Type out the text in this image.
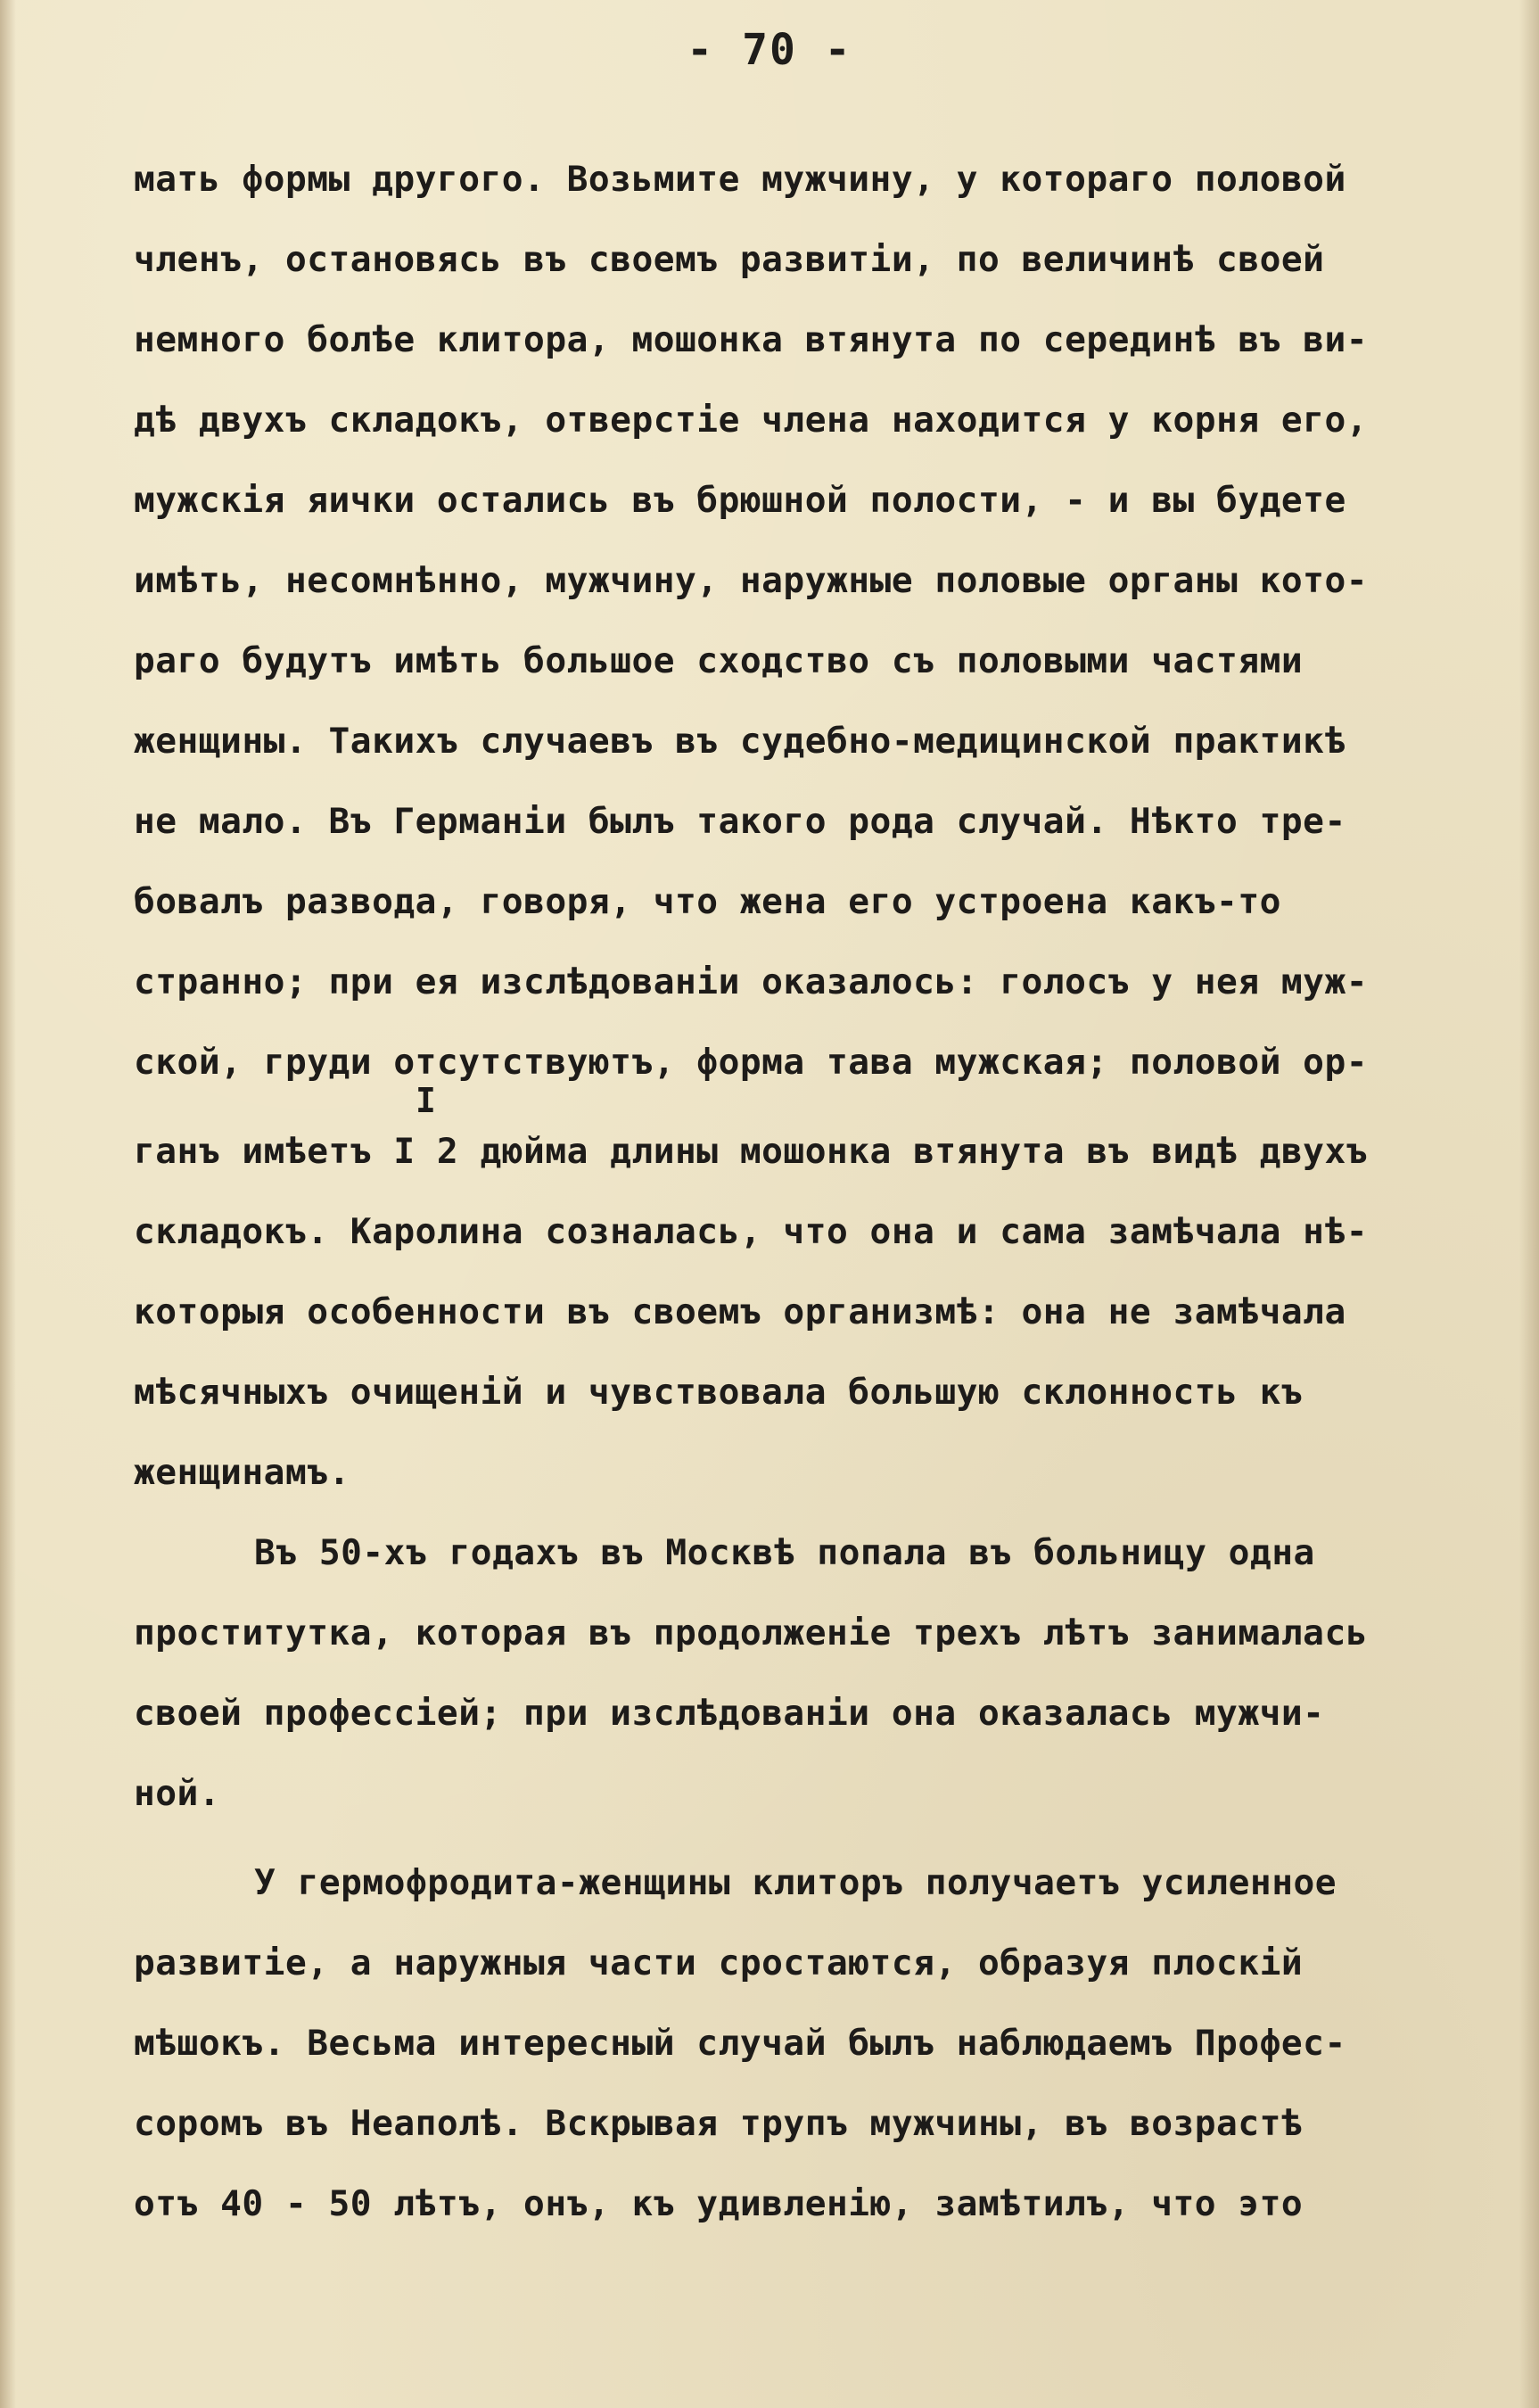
- 70 -
мать формы другого. Возьмите мужчину, у котораго половой
членъ, остановясь въ своемъ развитiи, по величинѣ своей
немного болѣе клитора, мошонка втянута по серединѣ въ ви-
дѣ двухъ складокъ, отверстiе члена находится у корня его,
мужскiя яички остались въ брюшной полости, - и вы будете
имѣть, несомнѣнно, мужчину, наружные половые органы кото-
раго будутъ имѣть большое сходство съ половыми частями
женщины. Такихъ случаевъ въ судебно-медицинской практикѣ
не мало. Въ Германiи былъ такого рода случай. Нѣкто тре-
бовалъ развода, говоря, что жена его устроена какъ-то
странно; при ея изслѣдованiи оказалось: голосъ у нея муж-
ской, груди отсутствуютъ, форма тава мужская; половой ор-
I
ганъ имѣетъ I 2 дюйма длины мошонка втянута въ видѣ двухъ
складокъ. Каролина созналась, что она и сама замѣчала нѣ-
которыя особенности въ своемъ организмѣ: она не замѣчала
мѣсячныхъ очищенiй и чувствовала большую склонность къ
женщинамъ.
Въ 50-хъ годахъ въ Москвѣ попала въ больницу одна
проститутка, которая въ продолженiе трехъ лѣтъ занималась
своей профессiей; при изслѣдованiи она оказалась мужчи-
ной.
У гермофродита-женщины клиторъ получаетъ усиленное
развитiе, а наружныя части сростаются, образуя плоскiй
мѣшокъ. Весьма интересный случай былъ наблюдаемъ Профес-
соромъ въ Неаполѣ. Вскрывая трупъ мужчины, въ возрастѣ
отъ 40 - 50 лѣтъ, онъ, къ удивленiю, замѣтилъ, что это
